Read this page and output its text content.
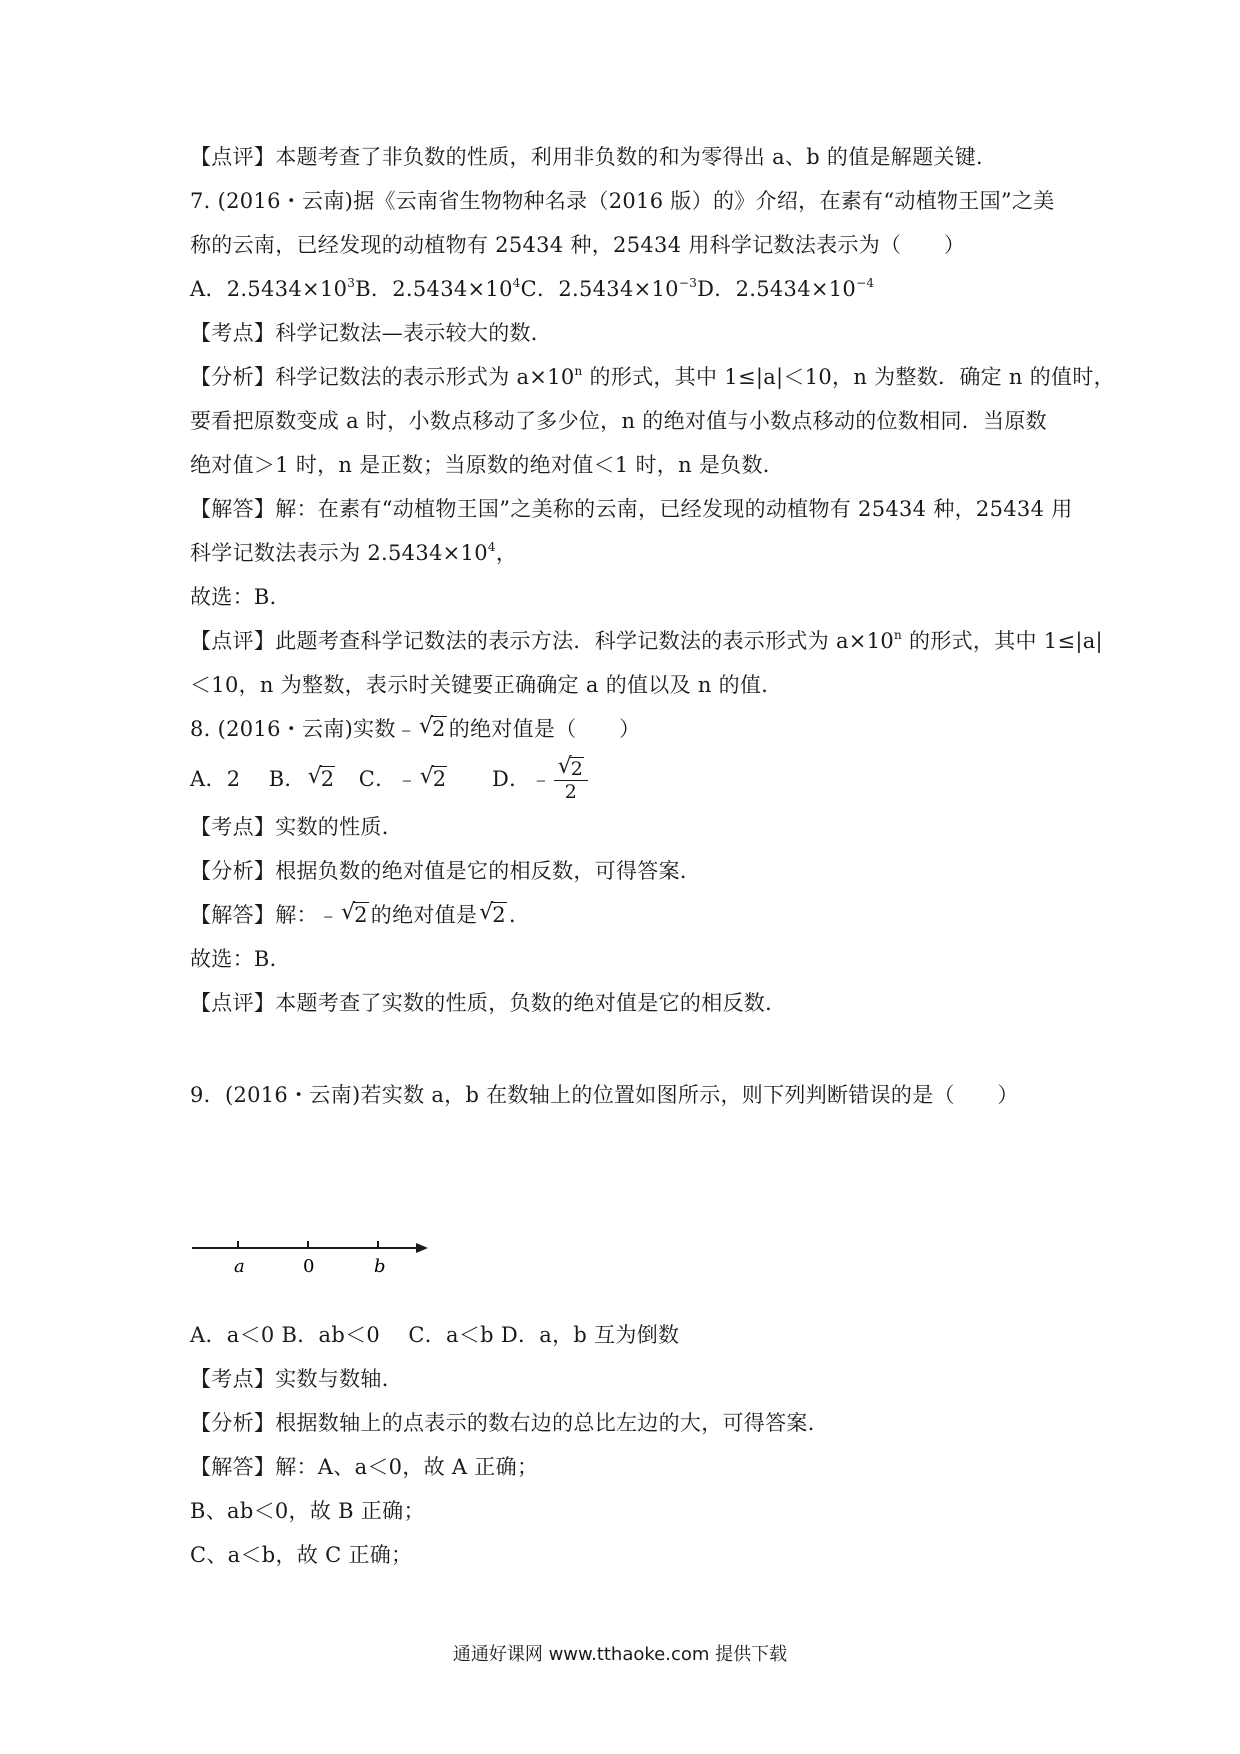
【点评】本题考查了非负数的性质，利用非负数的和为零得出 a、b 的值是解题关键．
7. (2016・云南)据《云南省生物物种名录（2016 版）的》介绍，在素有“动植物王国”之美
称的云南，已经发现的动植物有 25434 种，25434 用科学记数法表示为（　　）
A．$2.5434\times 10^3B$．$2.5434\times 10^4C$．$2.5434\times 10^{-3}D$．$2.5434\times 10^{-4}$
【考点】科学记数法—表示较大的数．
【分析】科学记数法的表示形式为 $a\times 10^n$ 的形式，其中 1≤|a|＜10，n 为整数．确定 n 的值时，
要看把原数变成 a 时，小数点移动了多少位，n 的绝对值与小数点移动的位数相同．当原数
绝对值＞1 时，n 是正数；当原数的绝对值＜1 时，n 是负数．
【解答】解：在素有“动植物王国”之美称的云南，已经发现的动植物有 25434 种，25434 用
科学记数法表示为 $2.5434\times 10^4$，
故选：B．
【点评】此题考查科学记数法的表示方法．科学记数法的表示形式为 $a\times 10^n$ 的形式，其中 1≤|a|
＜10，n 为整数，表示时关键要正确确定 a 的值以及 n 的值．
8. (2016・云南)实数﹣ √ 2 的绝对值是（　　）
A．2　 B． √ 2　C．﹣ √ 2　　D．﹣ √ $\frac{2}{2}$
【考点】实数的性质．
【分析】根据负数的绝对值是它的相反数，可得答案．
【解答】解：﹣ √ 2 的绝对值是 √ 2 ．
故选：B．
【点评】本题考查了实数的性质，负数的绝对值是它的相反数．
9．(2016・云南)若实数 a，b 在数轴上的位置如图所示，则下列判断错误的是（　　）
a	0	b
A．a＜0 B．ab＜0　 C．a＜b D．a，b 互为倒数
【考点】实数与数轴．
【分析】根据数轴上的点表示的数右边的总比左边的大，可得答案．
【解答】解：A、a＜0，故 A 正确；
B、ab＜0，故 B 正确；
C、a＜b，故 C 正确；
通通好课网 www.tthaoke.com 提供下载
